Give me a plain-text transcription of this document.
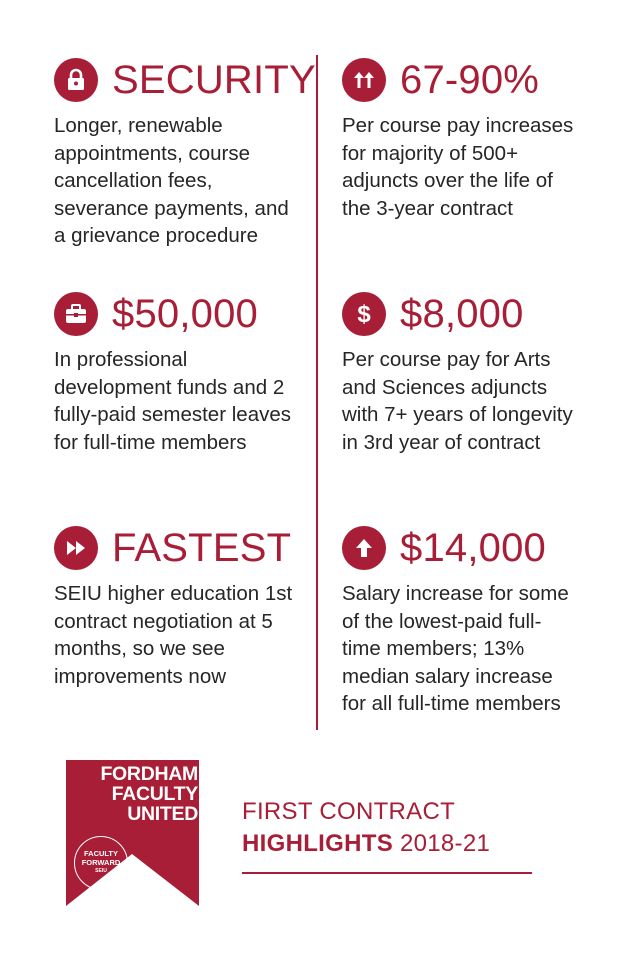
SECURITY
Longer, renewable
appointments, course
cancellation fees,
severance payments, and
a grievance procedure
67-90%
Per course pay increases
for majority of 500+
adjuncts over the life of
the 3-year contract
$50,000
In professional
development funds and 2
fully-paid semester leaves
for full-time members
$ $8,000
Per course pay for Arts
and Sciences adjuncts
with 7+ years of longevity
in 3rd year of contract
FASTEST
SEIU higher education 1st
contract negotiation at 5
months, so we see
improvements now
$14,000
Salary increase for some
of the lowest-paid full-
time members; 13%
median salary increase
for all full-time members
FORDHAM
FACULTY
UNITED
FACULTY
FORWARD
SEIU
FIRST CONTRACT
HIGHLIGHTS 2018-21
